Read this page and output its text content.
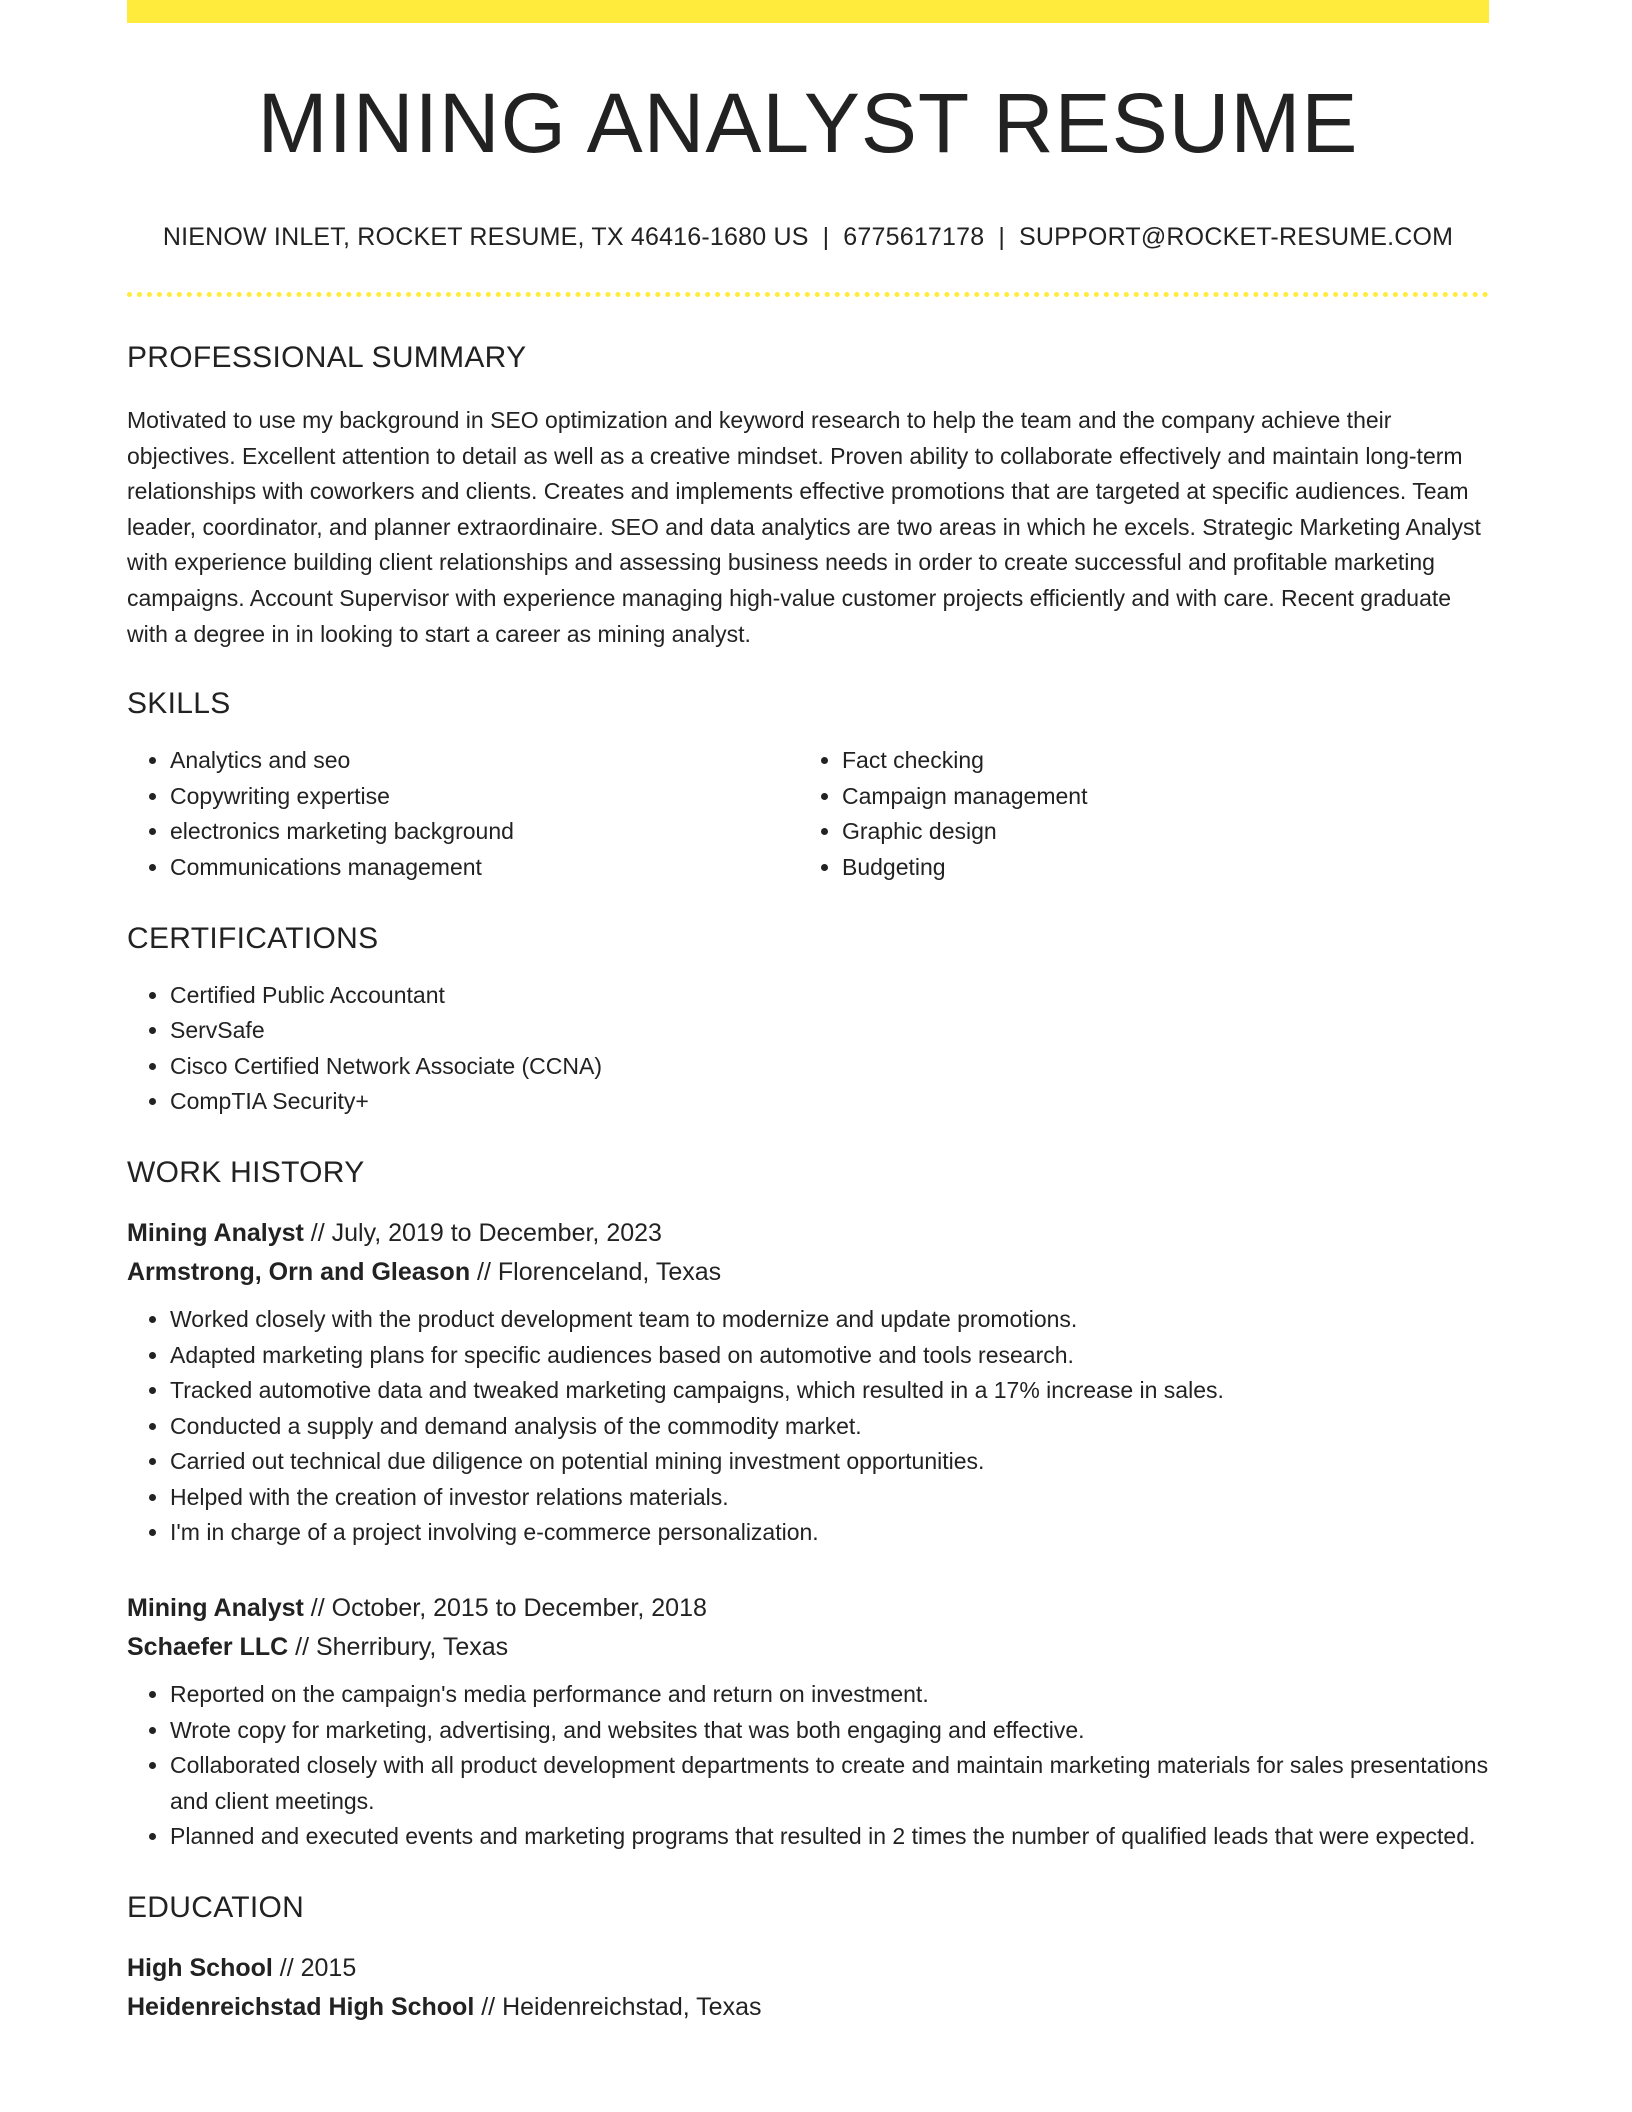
MINING ANALYST RESUME
NIENOW INLET, ROCKET RESUME, TX 46416-1680 US | 6775617178 | SUPPORT@ROCKET-RESUME.COM
PROFESSIONAL SUMMARY

Motivated to use my background in SEO optimization and keyword research to help the team and the company achieve their objectives. Excellent attention to detail as well as a creative mindset. Proven ability to collaborate effectively and maintain long-term relationships with coworkers and clients. Creates and implements effective promotions that are targeted at specific audiences. Team leader, coordinator, and planner extraordinaire. SEO and data analytics are two areas in which he excels. Strategic Marketing Analyst with experience building client relationships and assessing business needs in order to create successful and profitable marketing campaigns. Account Supervisor with experience managing high-value customer projects efficiently and with care. Recent graduate with a degree in in looking to start a career as mining analyst.

SKILLS
• Analytics and seo
• Copywriting expertise
• electronics marketing background
• Communications management
• Fact checking
• Campaign management
• Graphic design
• Budgeting
CERTIFICATIONS
• Certified Public Accountant
• ServSafe
• Cisco Certified Network Associate (CCNA)
• CompTIA Security+
WORK HISTORY
Mining Analyst // July, 2019 to December, 2023
Armstrong, Orn and Gleason // Florenceland, Texas
• Worked closely with the product development team to modernize and update promotions.
• Adapted marketing plans for specific audiences based on automotive and tools research.
• Tracked automotive data and tweaked marketing campaigns, which resulted in a 17% increase in sales.
• Conducted a supply and demand analysis of the commodity market.
• Carried out technical due diligence on potential mining investment opportunities.
• Helped with the creation of investor relations materials.
• I'm in charge of a project involving e-commerce personalization.
Mining Analyst // October, 2015 to December, 2018
Schaefer LLC // Sherribury, Texas
• Reported on the campaign's media performance and return on investment.
• Wrote copy for marketing, advertising, and websites that was both engaging and effective.
• Collaborated closely with all product development departments to create and maintain marketing materials for sales presentations and client meetings.
• Planned and executed events and marketing programs that resulted in 2 times the number of qualified leads that were expected.
EDUCATION
High School // 2015
Heidenreichstad High School // Heidenreichstad, Texas
